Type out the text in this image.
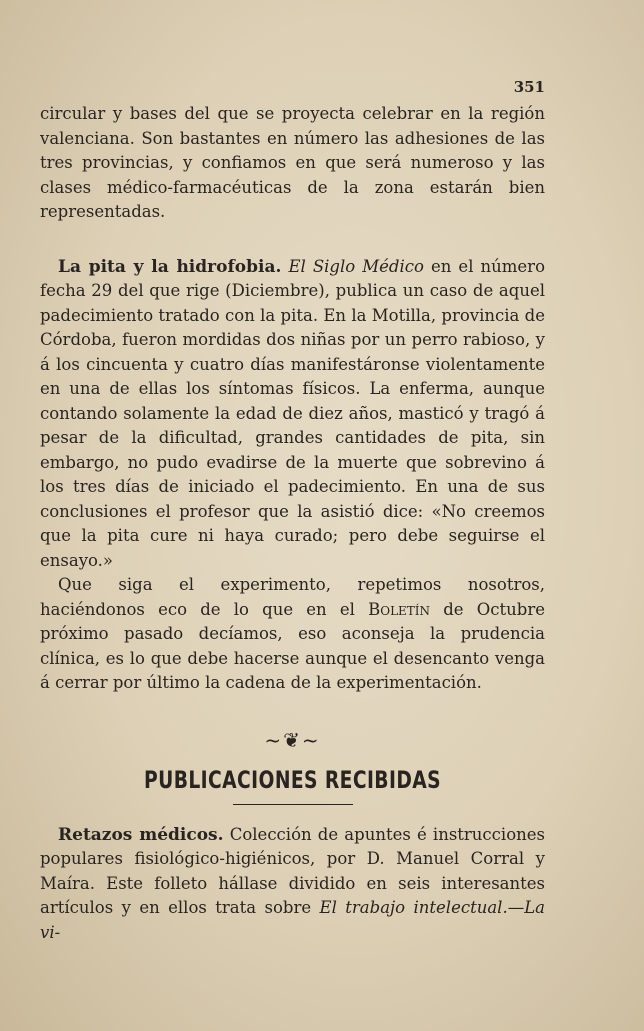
351

circular y bases del que se proyecta celebrar en la región valenciana. Son bastantes en número las adhesiones de las tres provincias, y confiamos en que será numeroso y las clases médico-farmacéuticas de la zona estarán bien representadas.

La pita y la hidrofobia. El Siglo Médico en el número fecha 29 del que rige (Diciembre), publica un caso de aquel padecimiento tratado con la pita. En la Motilla, provincia de Córdoba, fueron mordidas dos niñas por un perro rabioso, y á los cincuenta y cuatro días manifestáronse violentamente en una de ellas los síntomas físicos. La enferma, aunque contando solamente la edad de diez años, masticó y tragó á pesar de la dificultad, grandes cantidades de pita, sin embargo, no pudo evadirse de la muerte que sobrevino á los tres días de iniciado el padecimiento. En una de sus conclusiones el profesor que la asistió dice: «No creemos que la pita cure ni haya curado; pero debe seguirse el ensayo.»

Que siga el experimento, repetimos nosotros, haciéndonos eco de lo que en el Boletín de Octubre próximo pasado decíamos, eso aconseja la prudencia clínica, es lo que debe hacerse aunque el desencanto venga á cerrar por último la cadena de la experimentación.

~❦~
PUBLICACIONES RECIBIDAS

Retazos médicos. Colección de apuntes é instrucciones populares fisiológico-higiénicos, por D. Manuel Corral y Maíra. Este folleto hállase dividido en seis interesantes artículos y en ellos trata sobre El trabajo intelectual.—La vi-
